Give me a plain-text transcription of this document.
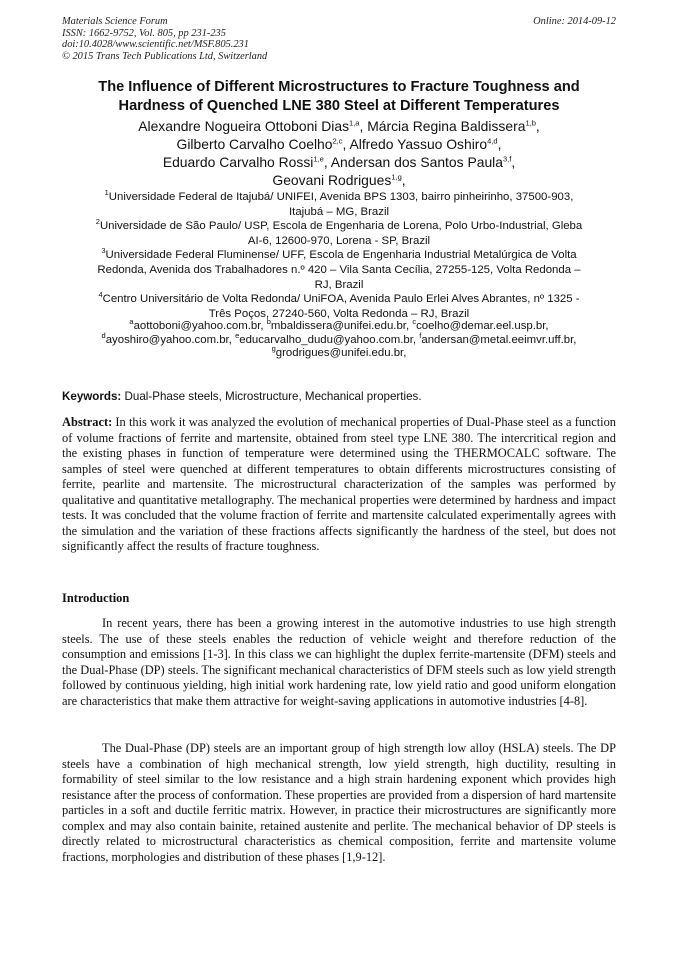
Materials Science Forum
ISSN: 1662-9752, Vol. 805, pp 231-235
doi:10.4028/www.scientific.net/MSF.805.231
© 2015 Trans Tech Publications Ltd, Switzerland
Online: 2014-09-12
The Influence of Different Microstructures to Fracture Toughness and
Hardness of Quenched LNE 380 Steel at Different Temperatures
Alexandre Nogueira Ottoboni Dias$^{1,a}$, Márcia Regina Baldissera$^{1,b}$,
Gilberto Carvalho Coelho$^{2,c}$, Alfredo Yassuo Oshiro$^{4,d}$,
Eduardo Carvalho Rossi$^{1,e}$, Andersan dos Santos Paula$^{3,f}$,
Geovani Rodrigues$^{1,g}$,
$^1$Universidade Federal de Itajubá/ UNIFEI, Avenida BPS 1303, bairro pinheirinho, 37500-903,
Itajubá – MG, Brazil
$^2$Universidade de São Paulo/ USP, Escola de Engenharia de Lorena, Polo Urbo-Industrial, Gleba
AI-6, 12600-970, Lorena - SP, Brazil
$^3$Universidade Federal Fluminense/ UFF, Escola de Engenharia Industrial Metalúrgica de Volta
Redonda, Avenida dos Trabalhadores n.º 420 – Vila Santa Cecília, 27255-125, Volta Redonda –
RJ, Brazil
$^4$Centro Universitário de Volta Redonda/ UniFOA, Avenida Paulo Erlei Alves Abrantes, nº 1325 -
Três Poços, 27240-560, Volta Redonda – RJ, Brazil
$^a$aottoboni@yahoo.com.br, $^b$mbaldissera@unifei.edu.br, $^c$coelho@demar.eel.usp.br,
$^d$ayoshiro@yahoo.com.br, $^e$educarvalho_dudu@yahoo.com.br, $^f$andersan@metal.eeimvr.uff.br,
$^g$grodrigues@unifei.edu.br,
Keywords: Dual-Phase steels, Microstructure, Mechanical properties.

Abstract: In this work it was analyzed the evolution of mechanical properties of Dual-Phase steel as a function of volume fractions of ferrite and martensite, obtained from steel type LNE 380. The intercritical region and the existing phases in function of temperature were determined using the THERMOCALC software. The samples of steel were quenched at different temperatures to obtain differents microstructures consisting of ferrite, pearlite and martensite. The microstructural characterization of the samples was performed by qualitative and quantitative metallography. The mechanical properties were determined by hardness and impact tests. It was concluded that the volume fraction of ferrite and martensite calculated experimentally agrees with the simulation and the variation of these fractions affects significantly the hardness of the steel, but does not significantly affect the results of fracture toughness.

Introduction

In recent years, there has been a growing interest in the automotive industries to use high strength steels. The use of these steels enables the reduction of vehicle weight and therefore reduction of the consumption and emissions [1-3]. In this class we can highlight the duplex ferrite-martensite (DFM) steels and the Dual-Phase (DP) steels. The significant mechanical characteristics of DFM steels such as low yield strength followed by continuous yielding, high initial work hardening rate, low yield ratio and good uniform elongation are characteristics that make them attractive for weight-saving applications in automotive industries [4-8].

The Dual-Phase (DP) steels are an important group of high strength low alloy (HSLA) steels. The DP steels have a combination of high mechanical strength, low yield strength, high ductility, resulting in formability of steel similar to the low resistance and a high strain hardening exponent which provides high resistance after the process of conformation. These properties are provided from a dispersion of hard martensite particles in a soft and ductile ferritic matrix. However, in practice their microstructures are significantly more complex and may also contain bainite, retained austenite and perlite. The mechanical behavior of DP steels is directly related to microstructural characteristics as chemical composition, ferrite and martensite volume fractions, morphologies and distribution of these phases [1,9-12].
